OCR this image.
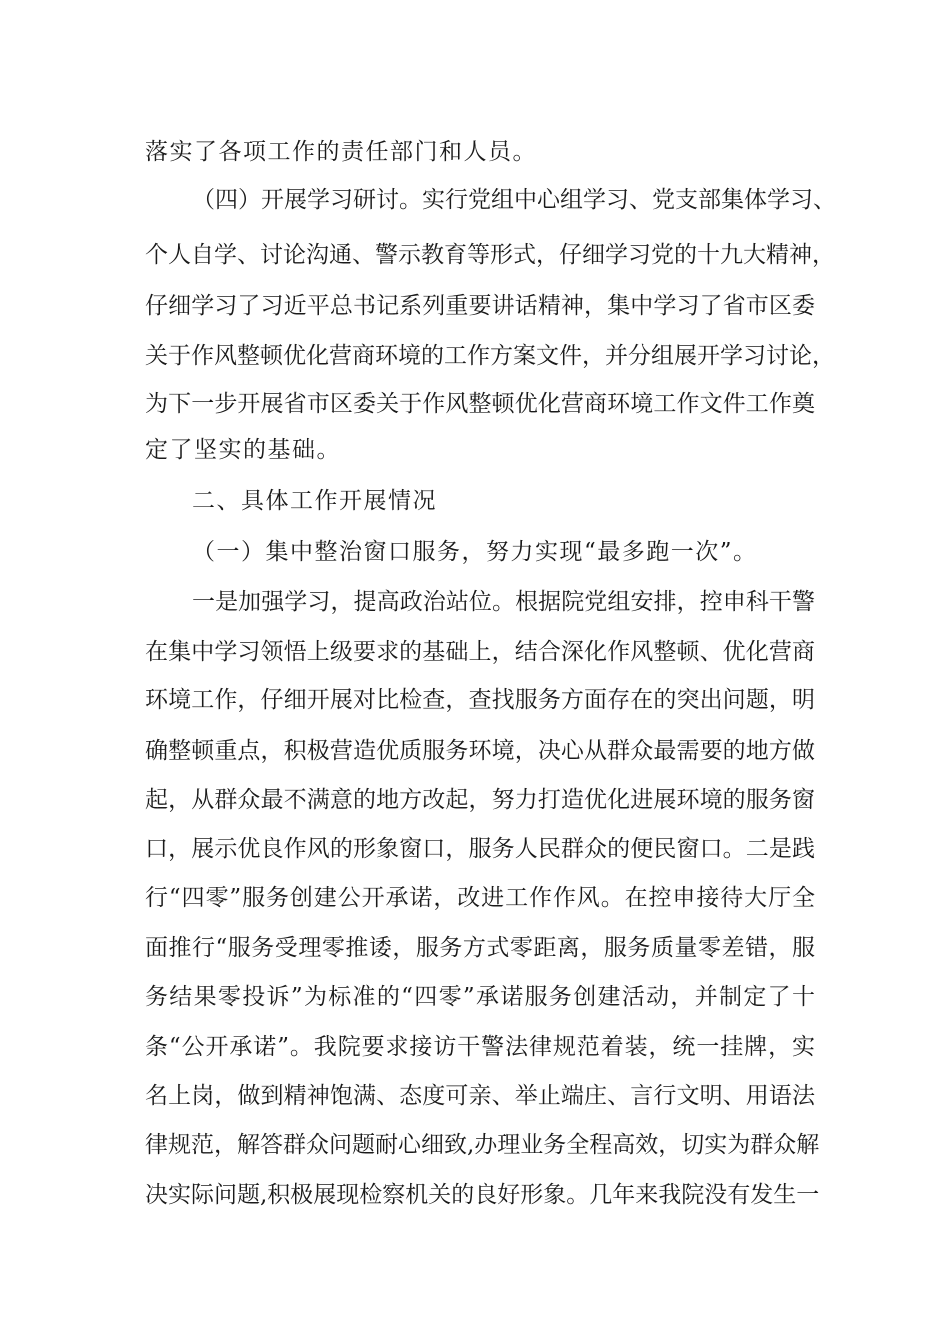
落实了各项工作的责任部门和人员。
（四）开展学习研讨。实行党组中心组学习、党支部集体学习、
个人自学、讨论沟通、警示教育等形式，仔细学习党的十九大精神，
仔细学习了习近平总书记系列重要讲话精神，集中学习了省市区委
关于作风整顿优化营商环境的工作方案文件，并分组展开学习讨论，
为下一步开展省市区委关于作风整顿优化营商环境工作文件工作奠
定了坚实的基础。
二、具体工作开展情况
（一）集中整治窗口服务，努力实现“最多跑一次”。
一是加强学习，提高政治站位。根据院党组安排，控申科干警
在集中学习领悟上级要求的基础上，结合深化作风整顿、优化营商
环境工作，仔细开展对比检查，查找服务方面存在的突出问题，明
确整顿重点，积极营造优质服务环境，决心从群众最需要的地方做
起，从群众最不满意的地方改起，努力打造优化进展环境的服务窗
口，展示优良作风的形象窗口，服务人民群众的便民窗口。二是践
行“四零”服务创建公开承诺，改进工作作风。在控申接待大厅全
面推行“服务受理零推诿，服务方式零距离，服务质量零差错，服
务结果零投诉”为标准的“四零”承诺服务创建活动，并制定了十
条“公开承诺”。我院要求接访干警法律规范着装，统一挂牌，实
名上岗，做到精神饱满、态度可亲、举止端庄、言行文明、用语法
律规范，解答群众问题耐心细致,办理业务全程高效，切实为群众解
决实际问题,积极展现检察机关的良好形象。几年来我院没有发生一
